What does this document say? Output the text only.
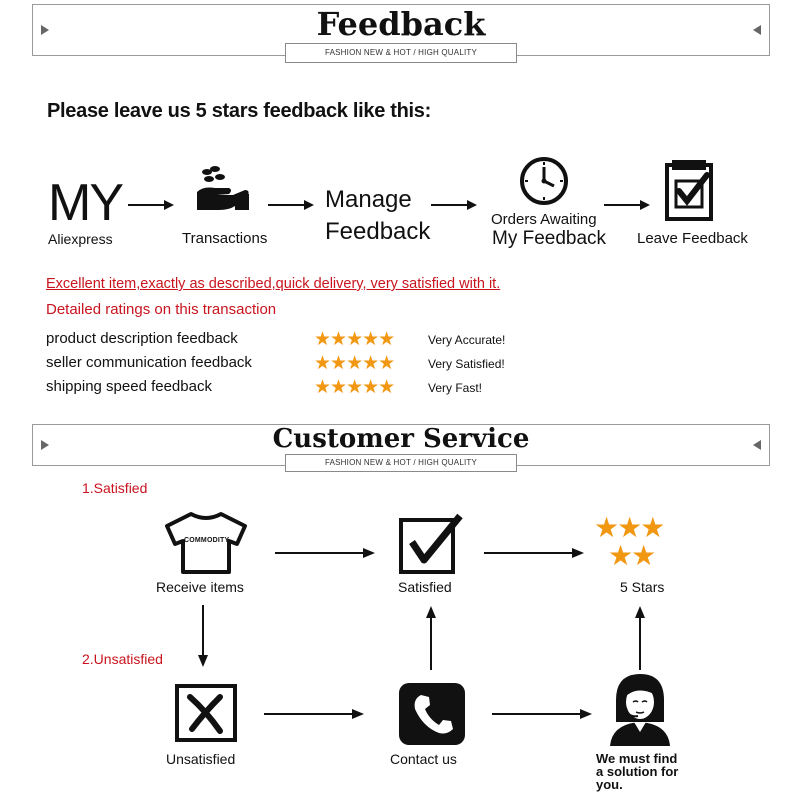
Feedback
FASHION NEW & HOT / HIGH QUALITY
Please leave us 5 stars feedback like this:
MY
Aliexpress	Transactions
Manage
Feedback	Orders Awaiting
My Feedback Leave Feedback
Excellent item,exactly as described,quick delivery, very satisfied with it.
Detailed ratings on this transaction
product description feedback	★★★★★	Very Accurate!
seller communication feedback	★★★★★	Very Satisfied!
shipping speed feedback	★★★★★	Very Fast!
Customer Service
FASHION NEW & HOT / HIGH QUALITY
1.Satisfied
COMMODITY
Receive items	Satisfied
★★★
★★
5 Stars
2.Unsatisfied
Unsatisfied	Contact us	We must find
a solution for
you.
